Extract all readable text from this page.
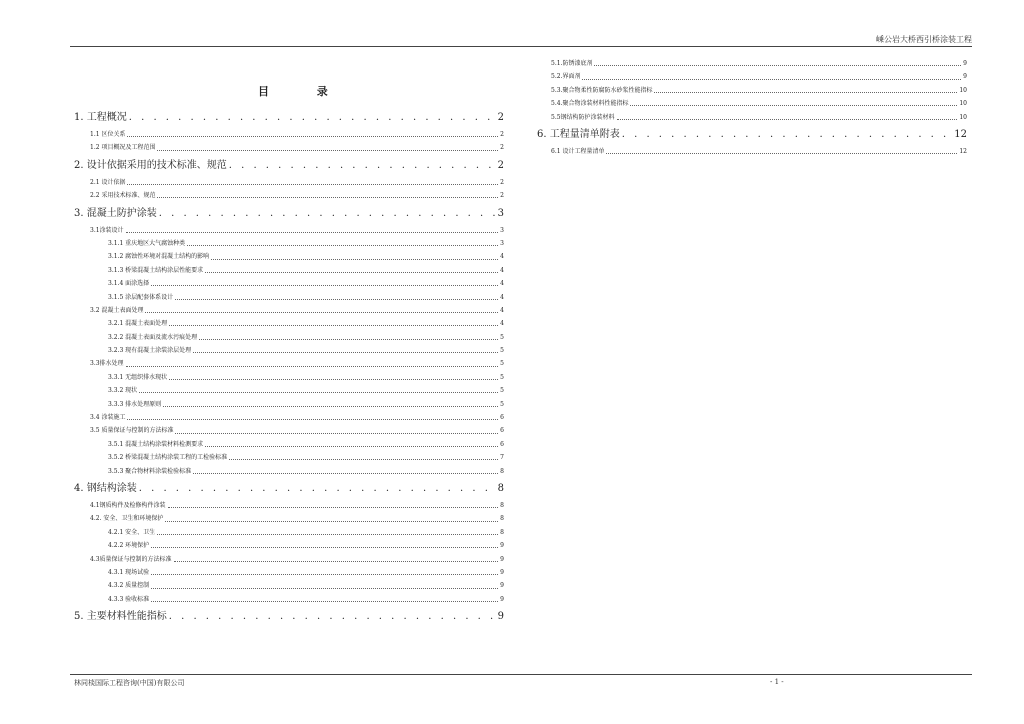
嵊公岩大桥西引桥涂装工程
目	录
1. 工程概况 . . .	2
1.1 区位关系	2
1.2 项目概况及工程范围	2
2. 设计依据采用的技术标准、规范 . . .	2
2.1 设计依据	2
2.2 采用技术标准、规范	2
3. 混凝土防护涂装 . . .	3
3.1涂装设计	3
3.1.1 重庆地区大气腐蚀种类	3
3.1.2 腐蚀性环境对混凝土结构的影响	4
3.1.3 桥梁混凝土结构涂层性能要求	4
3.1.4 面涂选择	4
3.1.5 涂层配套体系设计	4
3.2 混凝土表面处理	4
3.2.1 混凝土表面处理	4
3.2.2 混凝土表面及流水污痕处理	5
3.2.3 现有混凝土涂装涂层处理	5
3.3排水处理	5
3.3.1 无组织排水现状	5
3.3.2 现状	5
3.3.3 排水处理原则	5
3.4 涂装施工	6
3.5 质量保证与控制的方法标准	6
3.5.1 混凝土结构涂装材料检测要求	6
3.5.2 桥梁混凝土结构涂装工程的工检验标准	7
3.5.3 聚合物材料涂装检验标准	8
4. 钢结构涂装 . . .	8
4.1钢质构件及检修构件涂装	8
4.2. 安全、卫生和环境保护	8
4.2.1 安全、卫生	8
4.2.2 环境保护	9
4.3质量保证与控制的方法标准	9
4.3.1 现场试验	9
4.3.2 质量控制	9
4.3.3 验收标准	9
5. 主要材料性能指标 . . .	9
5.1.防锈漆底剂	9
5.2.界面剂	9
5.3.聚合物柔性防腐防水砂浆性能指标	10
5.4.聚合物涂装材料性能指标	10
5.5钢结构防护涂装材料	10
6. 工程量清单附表 . . .	12
6.1 设计工程量清单	12
林同棪国际工程咨询(中国)有限公司	- 1 -
